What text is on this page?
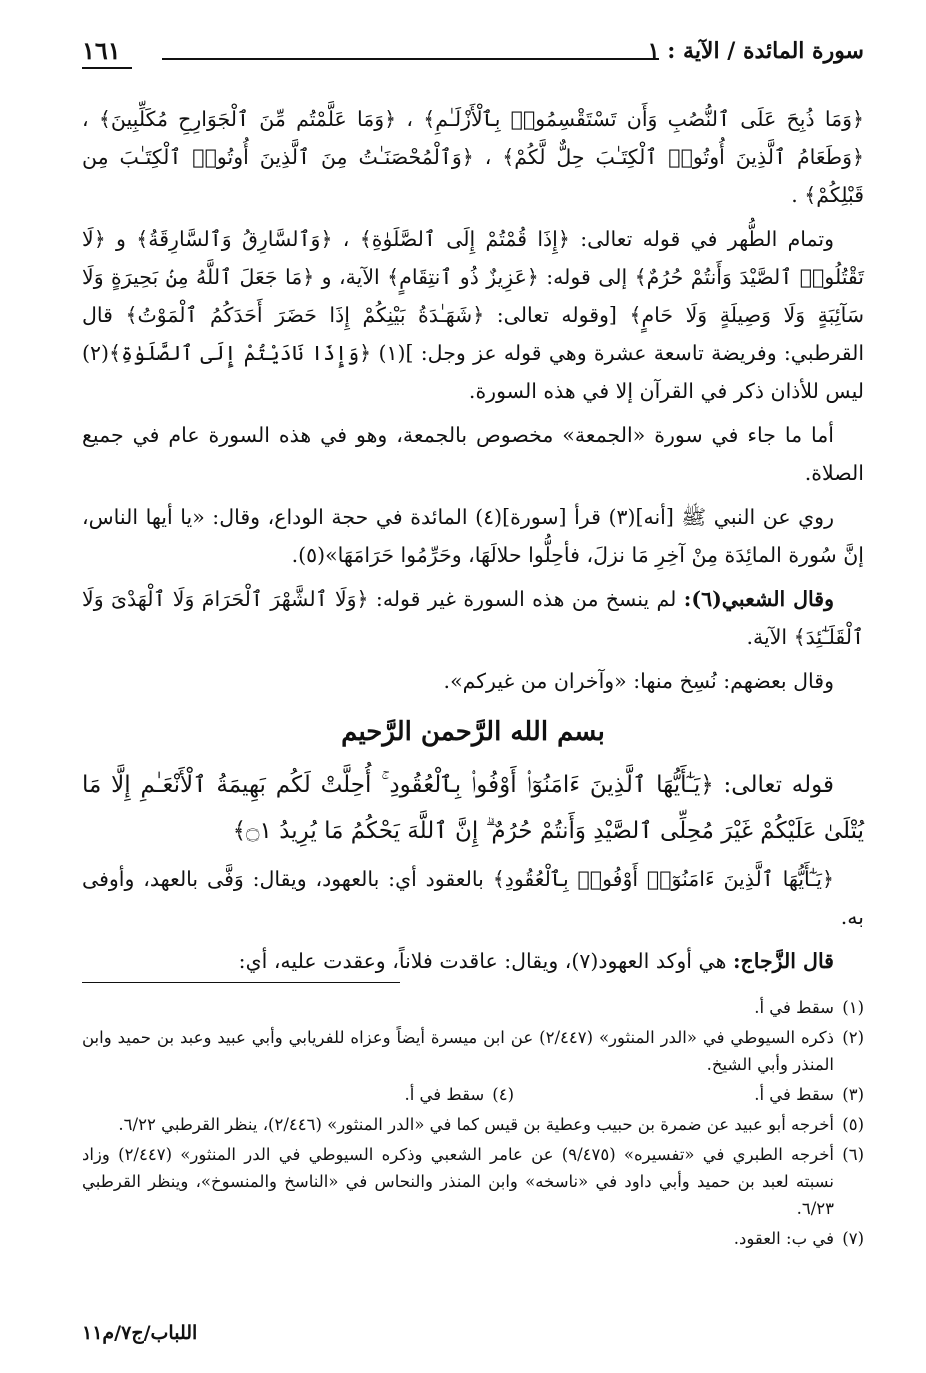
سورة المائدة / الآية : ١
١٦١

﴿وَمَا ذُبِحَ عَلَى ٱلنُّصُبِ وَأَن تَسْتَقْسِمُوا۟ بِٱلْأَزْلَـٰمِ﴾ ، ﴿وَمَا عَلَّمْتُم مِّنَ ٱلْجَوَارِحِ مُكَلِّبِينَ﴾ ، ﴿وَطَعَامُ ٱلَّذِينَ أُوتُوا۟ ٱلْكِتَـٰبَ حِلٌّ لَّكُمْ﴾ ، ﴿وَٱلْمُحْصَنَـٰتُ مِنَ ٱلَّذِينَ أُوتُوا۟ ٱلْكِتَـٰبَ مِن قَبْلِكُمْ﴾ .

وتمام الطُّهر في قوله تعالى: ﴿إِذَا قُمْتُمْ إِلَى ٱلصَّلَوٰةِ﴾ ، ﴿وَٱلسَّارِقُ وَٱلسَّارِقَةُ﴾ و ﴿لَا تَقْتُلُوا۟ ٱلصَّيْدَ وَأَنتُمْ حُرُمٌ﴾ إلى قوله: ﴿عَزِيزٌ ذُو ٱنتِقَامٍ﴾ الآية، و ﴿مَا جَعَلَ ٱللَّهُ مِنۢ بَحِيرَةٍ وَلَا سَآئِبَةٍ وَلَا وَصِيلَةٍ وَلَا حَامٍ﴾ [وقوله تعالى: ﴿شَهَـٰدَةُ بَيْنِكُمْ إِذَا حَضَرَ أَحَدَكُمُ ٱلْمَوْتُ﴾ قال القرطبي: وفريضة تاسعة عشرة وهي قوله عز وجل: ](١) ﴿وَإِذَا نَادَيْتُمْ إِلَى ٱلصَّلَوٰةِ﴾(٢) ليس للأذان ذكر في القرآن إلا في هذه السورة.

أما ما جاء في سورة «الجمعة» مخصوص بالجمعة، وهو في هذه السورة عام في جميع الصلاة.

روي عن النبي ﷺ [أنه](٣) قرأ [سورة](٤) المائدة في حجة الوداع، وقال: «يا أيها الناس، إنَّ سُورة المائِدَة مِنْ آخِرِ مَا نزلَ، فأحِلُّوا حلالَهَا، وحَرِّمُوا حَرَامَهَا»(٥).

وقال الشعبي(٦): لم ينسخ من هذه السورة غير قوله: ﴿وَلَا ٱلشَّهْرَ ٱلْحَرَامَ وَلَا ٱلْهَدْىَ وَلَا ٱلْقَلَـٰٓئِدَ﴾ الآية.

وقال بعضهم: نُسِخ منها: «وآخران من غيركم».

بسم الله الرَّحمن الرَّحيم

قوله تعالى: ﴿يَـٰٓأَيُّهَا ٱلَّذِينَ ءَامَنُوٓا۟ أَوْفُوا۟ بِٱلْعُقُودِ ۚ أُحِلَّتْ لَكُم بَهِيمَةُ ٱلْأَنْعَـٰمِ إِلَّا مَا يُتْلَىٰ عَلَيْكُمْ غَيْرَ مُحِلِّى ٱلصَّيْدِ وَأَنتُمْ حُرُمٌ ۗ إِنَّ ٱللَّهَ يَحْكُمُ مَا يُرِيدُ ۝١﴾

﴿يَـٰٓأَيُّهَا ٱلَّذِينَ ءَامَنُوٓا۟ أَوْفُوا۟ بِٱلْعُقُودِ﴾ بالعقود أي: بالعهود، ويقال: وَفَّى بالعهد، وأوفى به.

قال الزَّجاج: هي أوكد العهود(٧)، ويقال: عاقدت فلاناً، وعقدت عليه، أي:

(١)
سقط في أ.
(٢)
ذكره السيوطي في «الدر المنثور» (٢/٤٤٧) عن ابن ميسرة أيضاً وعزاه للفريابي وأبي عبيد وعبد بن حميد وابن المنذر وأبي الشيخ.
(٣)
سقط في أ.
(٤)
سقط في أ.
(٥)
أخرجه أبو عبيد عن ضمرة بن حبيب وعطية بن قيس كما في «الدر المنثور» (٢/٤٤٦)، ينظر القرطبي ٦/٢٢.
(٦)
أخرجه الطبري في «تفسيره» (٩/٤٧٥) عن عامر الشعبي وذكره السيوطي في الدر المنثور» (٢/٤٤٧) وزاد نسبته لعبد بن حميد وأبي داود في «ناسخه» وابن المنذر والنحاس في «الناسخ والمنسوخ»، وينظر القرطبي ٦/٢٣.
(٧)
في ب: العقود.
اللباب/ج٧/م١١
